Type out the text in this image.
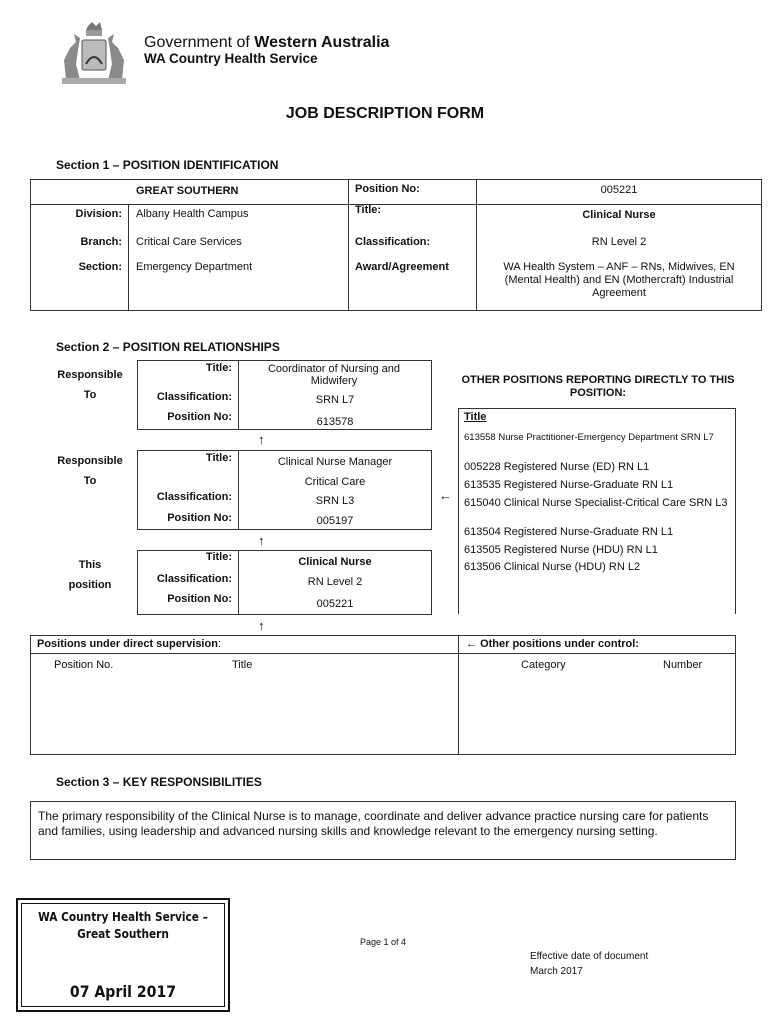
Government of Western Australia
WA Country Health Service
JOB DESCRIPTION FORM
Section 1 – POSITION IDENTIFICATION
GREAT SOUTHERN	Position No:	005221
Division: Albany Health Campus	Title:	Clinical Nurse
Branch: Critical Care Services	Classification:	RN Level 2
Section: Emergency Department	Award/Agreement	WA Health System – ANF – RNs, Midwives, EN (Mental Health) and EN (Mothercraft) Industrial Agreement
Section 2 – POSITION RELATIONSHIPS
Responsible
To
Title:	Coordinator of Nursing and Midwifery
Classification:	SRN L7
Position No:	613578
↑
Responsible
To
Title:	Clinical Nurse Manager
Critical Care
Classification:	SRN L3
Position No:	005197
←
↑
This
position
Title:	Clinical Nurse
Classification:	RN Level 2
Position No:	005221
↑
OTHER POSITIONS REPORTING DIRECTLY TO THIS POSITION:
Title
613558 Nurse Practitioner-Emergency Department SRN L7
005228 Registered Nurse (ED) RN L1
613535 Registered Nurse-Graduate RN L1
615040 Clinical Nurse Specialist-Critical Care SRN L3
613504 Registered Nurse-Graduate RN L1
613505 Registered Nurse (HDU) RN L1
613506 Clinical Nurse (HDU) RN L2
Positions under direct supervision:
Position No.	Title
← Other positions under control:
Category	Number
Section 3 – KEY RESPONSIBILITIES
The primary responsibility of the Clinical Nurse is to manage, coordinate and deliver advance practice nursing care for patients and families, using leadership and advanced nursing skills and knowledge relevant to the emergency nursing setting.
WA Country Health Service –
Great Southern
07 April 2017
Page 1 of 4
Effective date of document
March 2017
